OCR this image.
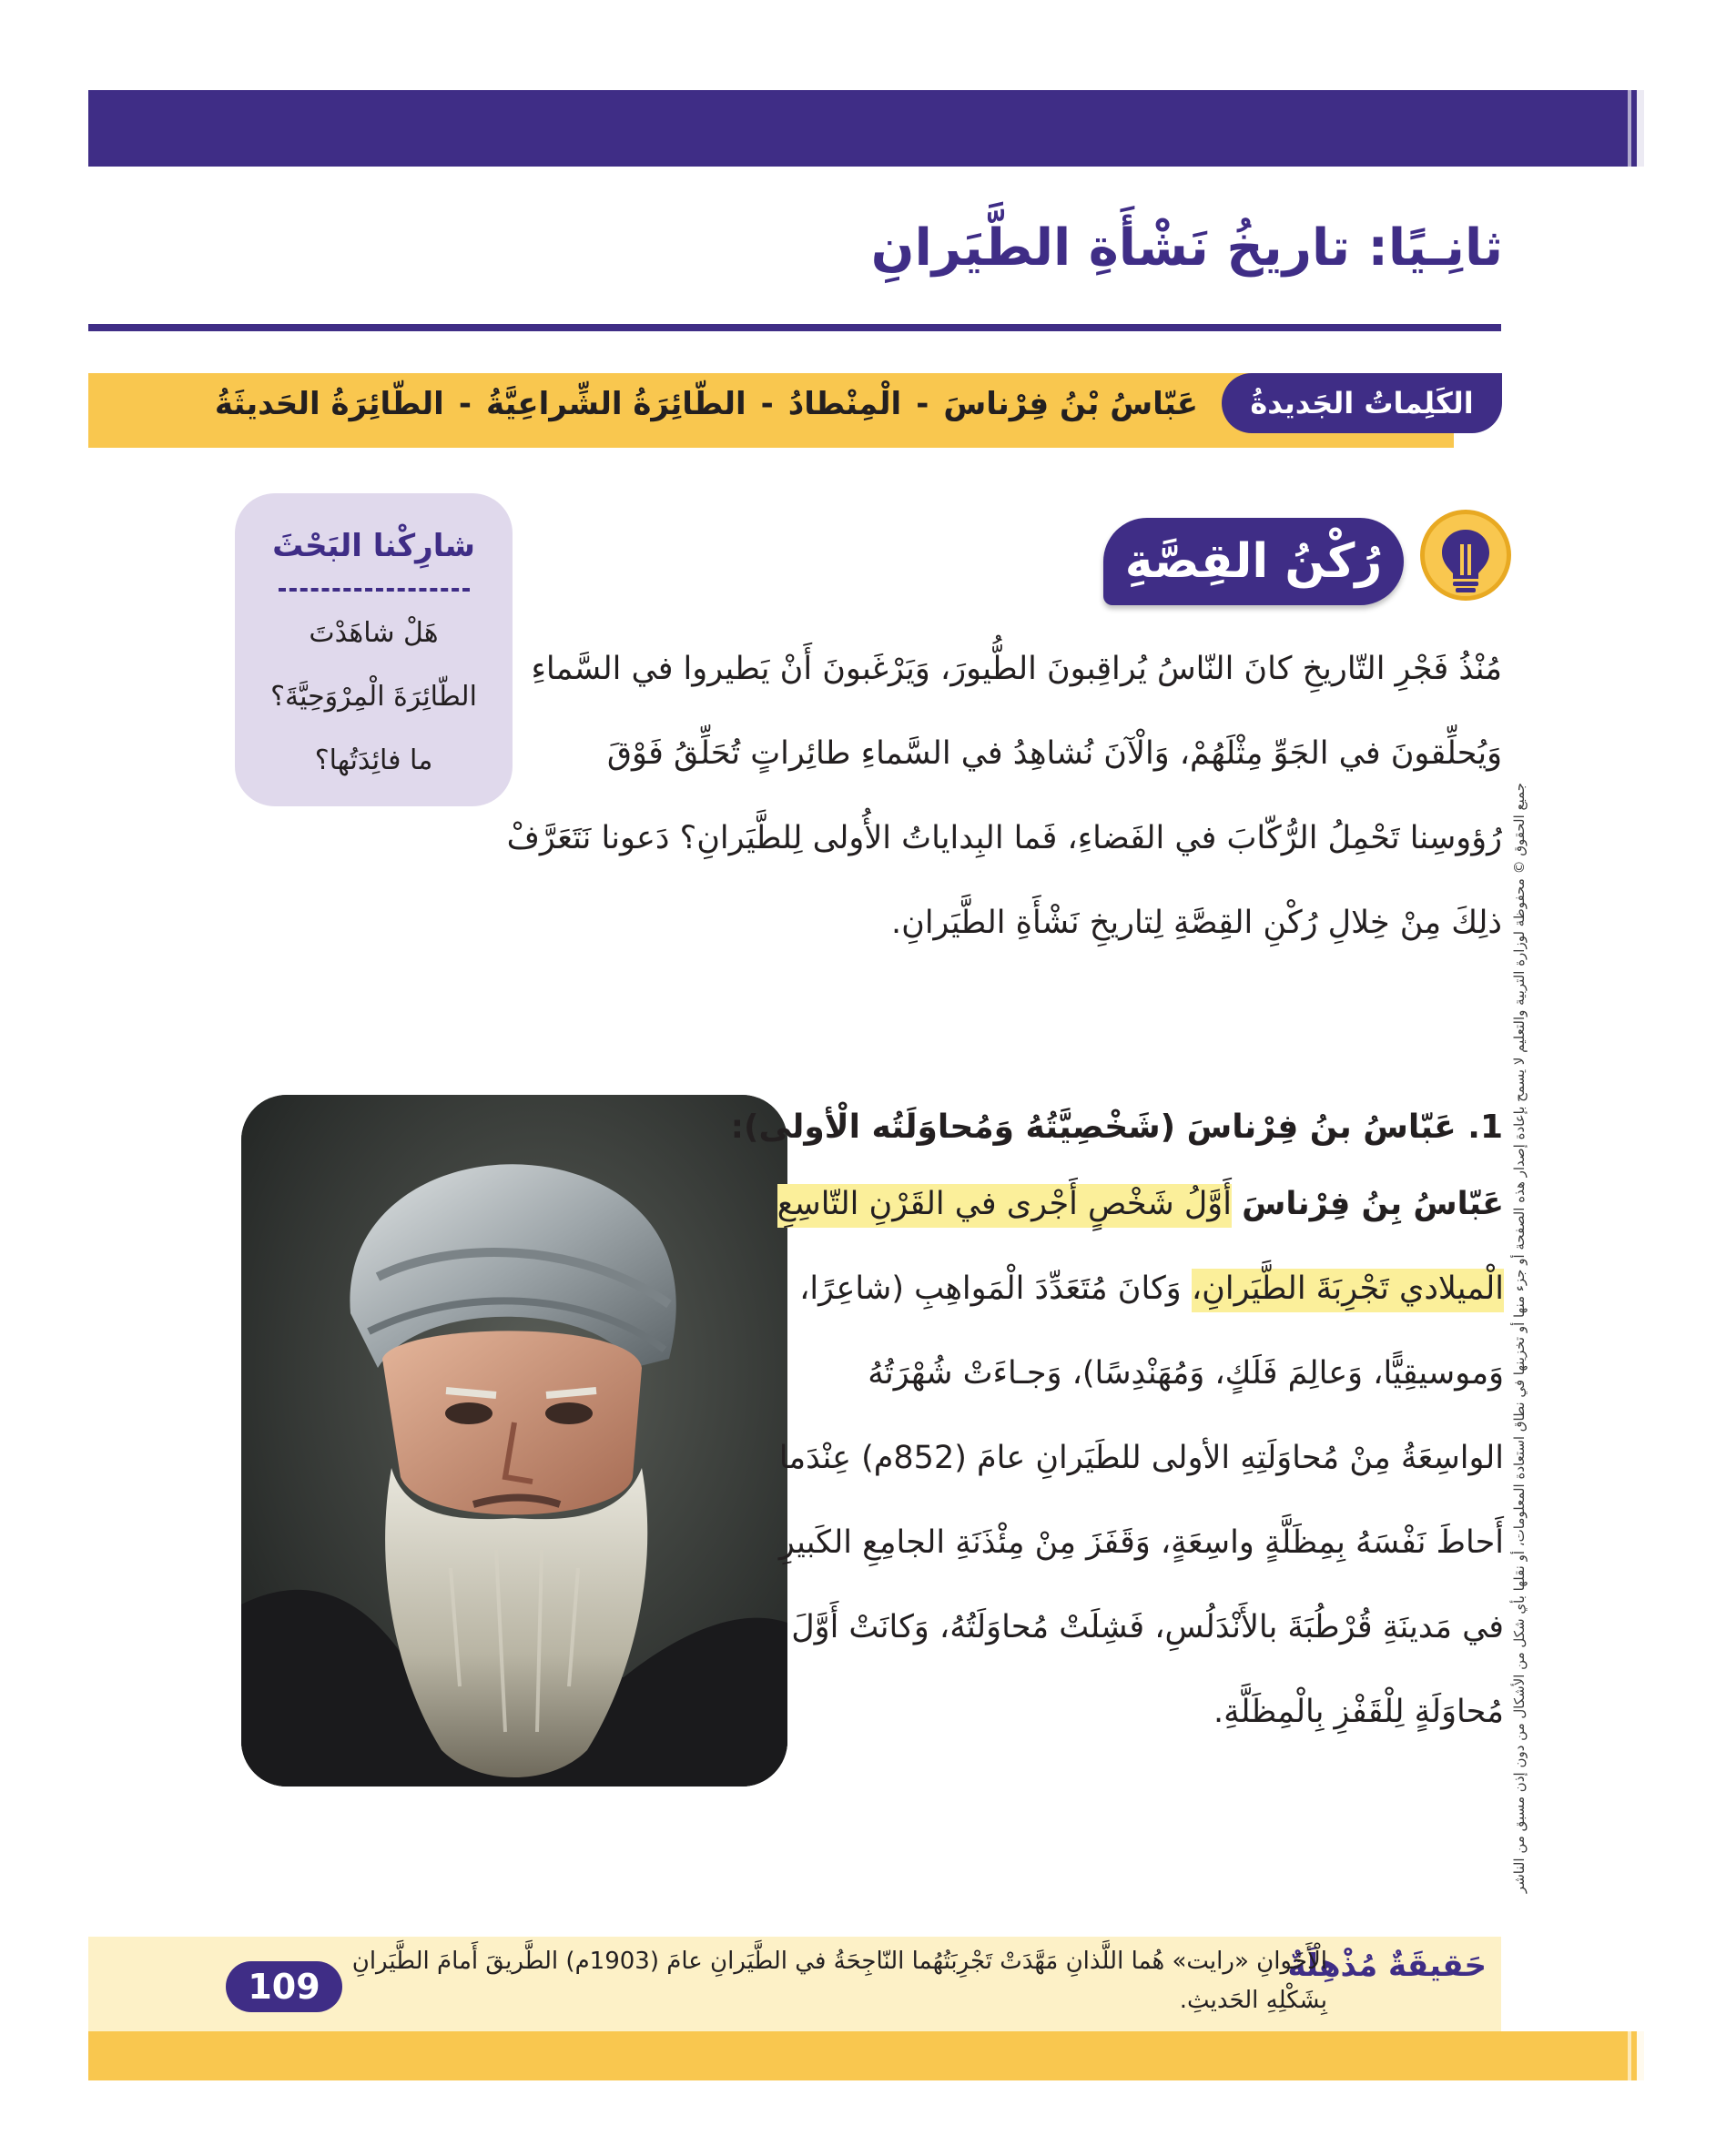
ثانِـيًا: تاريخُ نَشْأَةِ الطَّيَرانِ
الكَلِماتُ الجَديدةُ
عَبّاسُ بْنُ فِرْناسَ-الْمِنْطادُ-الطّائِرَةُ الشِّراعِيَّةُ-الطّائِرَةُ الحَديثَةُ
شارِكْنا البَحْثَ
هَلْ شاهَدْتَ
الطّائِرَةَ الْمِرْوَحِيَّةَ؟
ما فائِدَتُها؟
رُكْنُ القِصَّةِ
مُنْذُ فَجْرِ التّاريخِ كانَ النّاسُ يُراقِبونَ الطُّيورَ، وَيَرْغَبونَ أَنْ يَطيروا في السَّماءِ
وَيُحلِّقونَ في الجَوِّ مِثْلَهُمْ، وَالْآنَ نُشاهِدُ في السَّماءِ طائِراتٍ تُحَلِّقُ فَوْقَ
رُؤوسِنا تَحْمِلُ الرُّكّابَ في الفَضاءِ، فَما البِداياتُ الأُولى لِلطَّيَرانِ؟ دَعونا نَتَعَرَّفْ
ذلِكَ مِنْ خِلالِ رُكْنِ القِصَّةِ لِتاريخِ نَشْأَةِ الطَّيَرانِ.
1. عَبّاسُ بنُ فِرْناسَ (شَخْصِيَّتُهُ وَمُحاوَلَتُه الْأولى):
عَبّاسُ بِنُ فِرْناسَ أَوَّلُ شَخْصٍ أَجْرى في القَرْنِ التّاسِعِ
الْميلادي تَجْرِبَةَ الطَّيَرانِ، وَكانَ مُتَعَدِّدَ الْمَواهِبِ (شاعِرًا،
وَموسيقِيًّا، وَعالِمَ فَلَكٍ، وَمُهَنْدِسًا)، وَجـاءَتْ شُهْرَتُهُ
الواسِعَةُ مِنْ مُحاوَلَتِهِ الأولى للطَيَرانِ عامَ (852م) عِنْدَما
أَحاطَ نَفْسَهُ بِمِظَلَّةٍ واسِعَةٍ، وَقَفَزَ مِنْ مِئْذَنَةِ الجامِعِ الكَبيرِ
في مَدينَةِ قُرْطُبَةَ بالأَنْدَلُسِ، فَشِلَتْ مُحاوَلَتُهُ، وَكانَتْ أَوَّلَ
مُحاوَلَةٍ لِلْقَفْزِ بِالْمِظَلَّةِ. جميع الحقوق © محفوظة لوزارة التربية والتعليم لا يسمح بإعادة إصدار هذه الصفحة أو جزء منها أو تخزينها في نطاق استعادة المعلومات، أو نقلها بأي شكل من الأشكال من دون إذن مسبق من الناشر
حَقيقَةٌ مُذْهِلَةٌ
الْأَخَوانِ «رايت» هُما اللَّذانِ مَهَّدَتْ تَجْرِبَتُهُما النّاجِحَةُ في الطَّيَرانِ عامَ (1903م) الطَّريقَ أَمامَ الطَّيَرانِ
بِشَكْلِهِ الحَديثِ.
109
